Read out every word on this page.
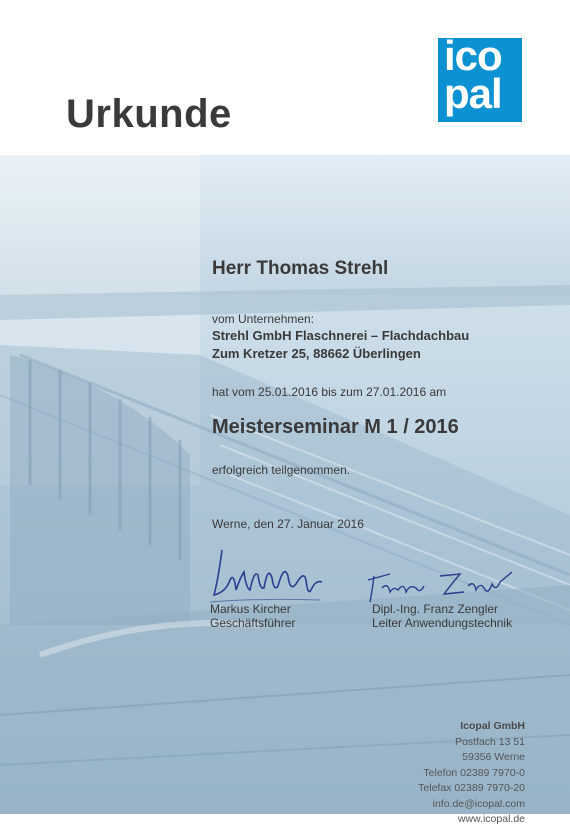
Urkunde
ico
pal
Herr Thomas Strehl
vom Unternehmen:
Strehl GmbH Flaschnerei – Flachdachbau
Zum Kretzer 25, 88662 Überlingen
hat vom 25.01.2016 bis zum 27.01.2016 am
Meisterseminar M 1 / 2016
erfolgreich teilgenommen.
Werne, den 27. Januar 2016
Markus Kircher
Geschäftsführer
Dipl.-Ing. Franz Zengler
Leiter Anwendungstechnik
Icopal GmbH
Postfach 13 51
59356 Werne
Telefon 02389 7970-0
Telefax 02389 7970-20
info.de@icopal.com
www.icopal.de
